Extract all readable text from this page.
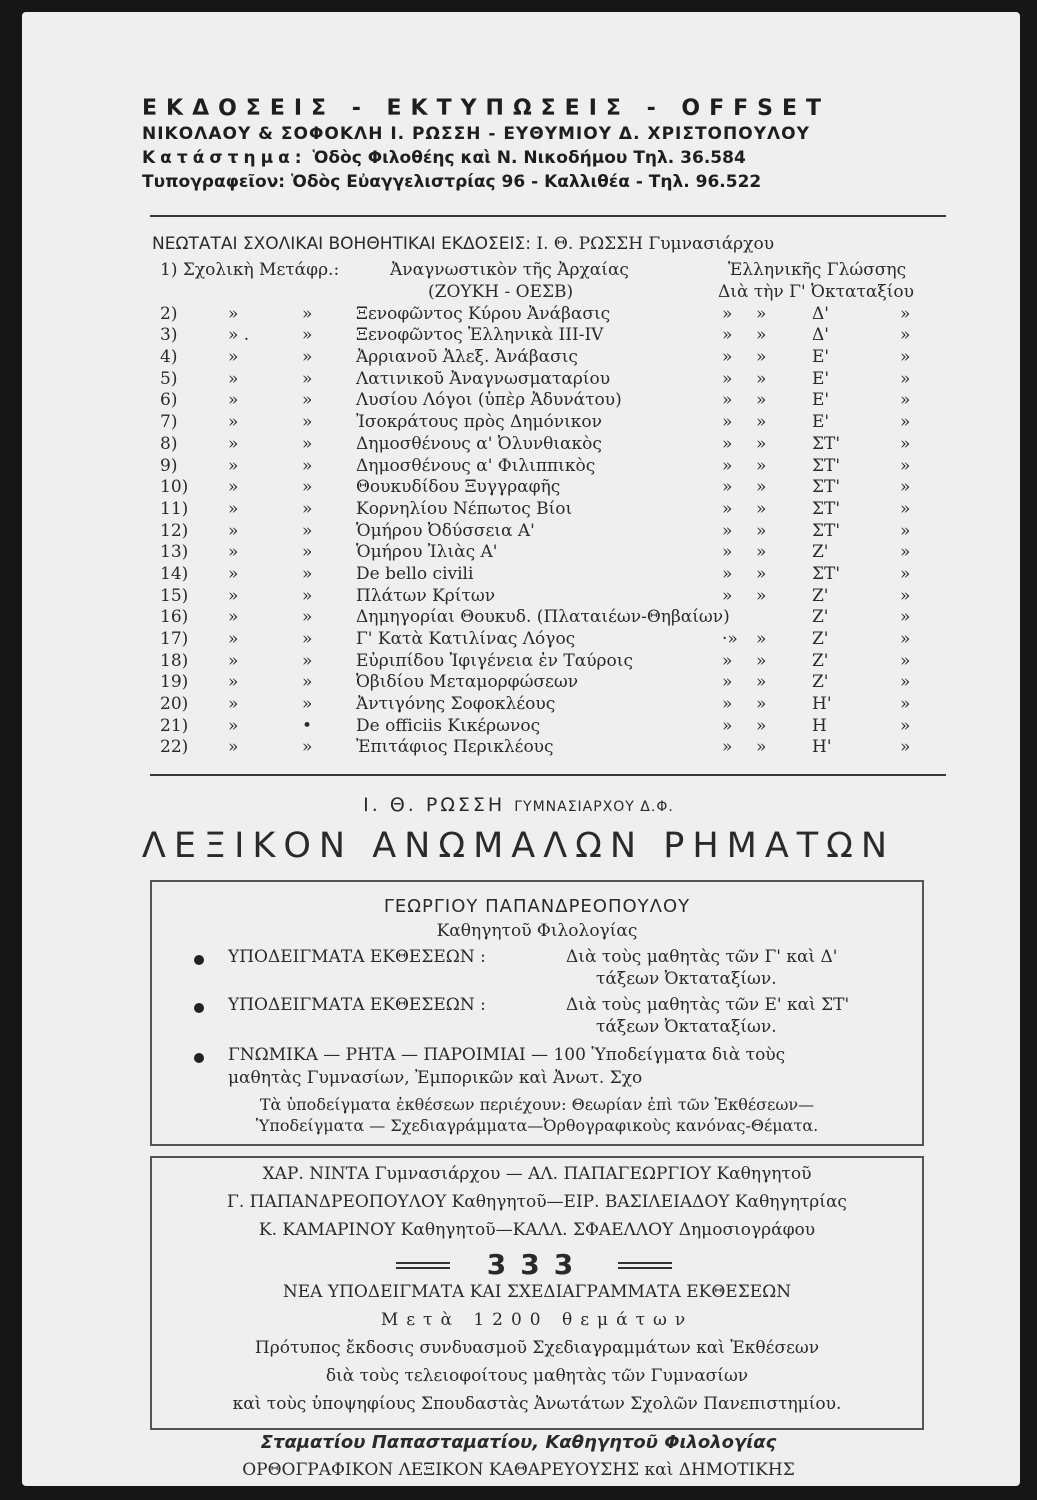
ΕΚΔΟΣΕΙΣ - ΕΚΤΥΠΩΣΕΙΣ - OFFSET
ΝΙΚΟΛΑΟΥ & ΣΟΦΟΚΛΗ Ι. ΡΩΣΣΗ - ΕΥΘΥΜΙΟΥ Δ. ΧΡΙΣΤΟΠΟΥΛΟΥ
Κατάστημα: Ὁδὸς Φιλοθέης καὶ Ν. Νικοδήμου Τηλ. 36.584
Τυπογραφεῖον: Ὁδὸς Εὐαγγελιστρίας 96 - Καλλιθέα - Τηλ. 96.522
ΝΕΩΤΑΤΑΙ ΣΧΟΛΙΚΑΙ ΒΟΗΘΗΤΙΚΑΙ ΕΚΔΟΣΕΙΣ: Ι. Θ. ΡΩΣΣΗ Γυμνασιάρχου
1) Σχολικὴ Μετάφρ.:	Ἀναγνωστικὸν τῆς Ἀρχαίας	Ἑλληνικῆς Γλώσσης
(ΖΟΥΚΗ - ΟΕΣΒ)	Διὰ τὴν Γ' Ὀκταταξίου
2)	»	»	Ξενοφῶντος Κύρου Ἀνάβασις	» »	Δ'	»
3)	» .	»	Ξενοφῶντος Ἑλληνικὰ ΙΙΙ-IV	» »	Δ'	»
4)	»	»	Ἀρριανοῦ Ἀλεξ. Ἀνάβασις	» »	Ε'	»
5)	»	»	Λατινικοῦ Ἀναγνωσματαρίου	» »	Ε'	»
6)	»	»	Λυσίου Λόγοι (ὑπὲρ Ἀδυνάτου)	» »	Ε'	»
7)	»	»	Ἰσοκράτους πρὸς Δημόνικον	» »	Ε'	»
8)	»	»	Δημοσθένους α' Ὀλυνθιακὸς	» »	ΣΤ'	»
9)	»	»	Δημοσθένους α' Φιλιππικὸς	» »	ΣΤ'	»
10) »	»	Θουκυδίδου Ξυγγραφῆς	» »	ΣΤ'	»
11) »	»	Κορνηλίου Νέπωτος Βίοι	» »	ΣΤ'	»
12) »	»	Ὁμήρου Ὀδύσσεια Α'	» »	ΣΤ'	»
13) »	»	Ὁμήρου Ἰλιὰς Α'	» »	Ζ'	»
14) »	»	De bello civili	» »	ΣΤ'	»
15) »	»	Πλάτων Κρίτων	» »	Ζ'	»
16) »	»	Δημηγορίαι Θουκυδ. (Πλαταιέων-Θηβαίων)	Ζ'	»
17) »	»	Γ' Κατὰ Κατιλίνας Λόγος	·» »	Ζ'	»
18) »	»	Εὐριπίδου Ἰφιγένεια ἐν Ταύροις	» »	Ζ'	»
19) »	»	Ὀβιδίου Μεταμορφώσεων	» »	Ζ'	»
20) »	»	Ἀντιγόνης Σοφοκλέους	» »	Η'	»
21) »	•	De officiis Κικέρωνος	» »	Η	»
22) »	»	Ἐπιτάφιος Περικλέους	» »	Η'	»
Ι. Θ. ΡΩΣΣΗ ΓΥΜΝΑΣΙΑΡΧΟΥ Δ.Φ.
ΛΕΞΙΚΟΝ ΑΝΩΜΑΛΩΝ ΡΗΜΑΤΩΝ
ΓΕΩΡΓΙΟΥ ΠΑΠΑΝΔΡΕΟΠΟΥΛΟΥ
Καθηγητοῦ Φιλολογίας
ΥΠΟΔΕΙΓΜΑΤΑ ΕΚΘΕΣΕΩΝ :	Διὰ τοὺς μαθητὰς τῶν Γ' καὶ Δ'
τάξεων Ὀκταταξίων.
ΥΠΟΔΕΙΓΜΑΤΑ ΕΚΘΕΣΕΩΝ :	Διὰ τοὺς μαθητὰς τῶν Ε' καὶ ΣΤ'
τάξεων Ὀκταταξίων.
ΓΝΩΜΙΚΑ — ΡΗΤΑ — ΠΑΡΟΙΜΙΑΙ — 100 Ὑποδείγματα διὰ τοὺς
μαθητὰς Γυμνασίων, Ἐμπορικῶν καὶ Ἀνωτ. Σχο
Τὰ ὑποδείγματα ἐκθέσεων περιέχουν: Θεωρίαν ἐπὶ τῶν Ἐκθέσεων—
Ὑποδείγματα — Σχεδιαγράμματα—Ὀρθογραφικοὺς κανόνας-Θέματα.
ΧΑΡ. ΝΙΝΤΑ Γυμνασιάρχου — ΑΛ. ΠΑΠΑΓΕΩΡΓΙΟΥ Καθηγητοῦ
Γ. ΠΑΠΑΝΔΡΕΟΠΟΥΛΟΥ Καθηγητοῦ—ΕΙΡ. ΒΑΣΙΛΕΙΑΔΟΥ Καθηγητρίας
Κ. ΚΑΜΑΡΙΝΟΥ Καθηγητοῦ—ΚΑΛΛ. ΣΦΑΕΛΛΟΥ Δημοσιογράφου
333
ΝΕΑ ΥΠΟΔΕΙΓΜΑΤΑ ΚΑΙ ΣΧΕΔΙΑΓΡΑΜΜΑΤΑ ΕΚΘΕΣΕΩΝ
Μετὰ 1200 θεμάτων
Πρότυπος ἔκδοσις συνδυασμοῦ Σχεδιαγραμμάτων καὶ Ἐκθέσεων
διὰ τοὺς τελειοφοίτους μαθητὰς τῶν Γυμνασίων
καὶ τοὺς ὑποψηφίους Σπουδαστὰς Ἀνωτάτων Σχολῶν Πανεπιστημίου.
Σταματίου Παπασταματίου, Καθηγητοῦ Φιλολογίας
ΟΡΘΟΓΡΑΦΙΚΟΝ ΛΕΞΙΚΟΝ ΚΑΘΑΡΕΥΟΥΣΗΣ καὶ ΔΗΜΟΤΙΚΗΣ
